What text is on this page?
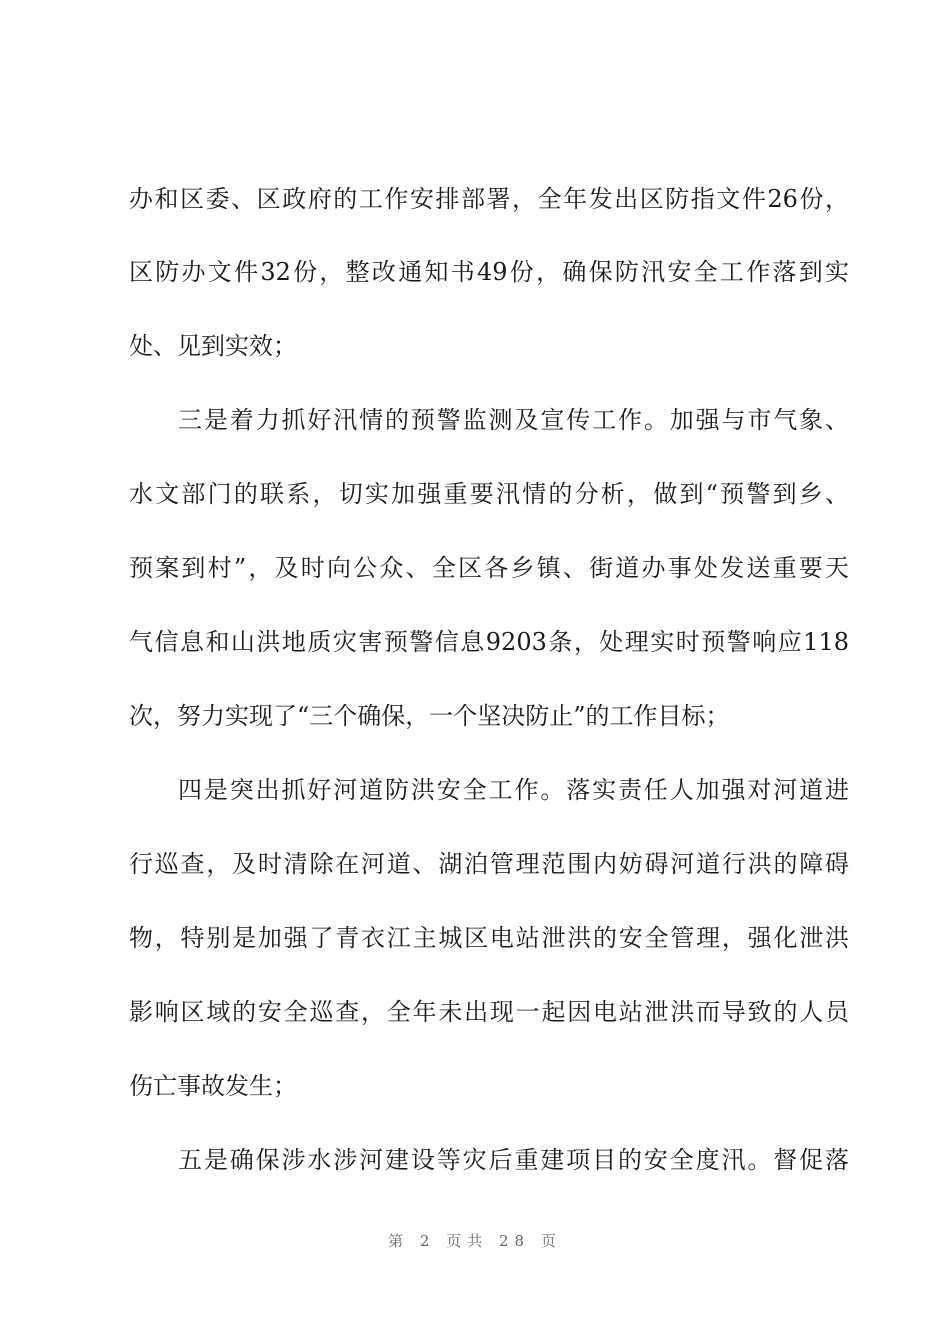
办和区委、区政府的工作安排部署，全年发出区防指文件26份，
区防办文件32份，整改通知书49份，确保防汛安全工作落到实
处、见到实效；
三是着力抓好汛情的预警监测及宣传工作。加强与市气象、
水文部门的联系，切实加强重要汛情的分析，做到“预警到乡、
预案到村”，及时向公众、全区各乡镇、街道办事处发送重要天
气信息和山洪地质灾害预警信息9203条，处理实时预警响应118
次，努力实现了“三个确保，一个坚决防止”的工作目标；
四是突出抓好河道防洪安全工作。落实责任人加强对河道进
行巡查，及时清除在河道、湖泊管理范围内妨碍河道行洪的障碍
物，特别是加强了青衣江主城区电站泄洪的安全管理，强化泄洪
影响区域的安全巡查，全年未出现一起因电站泄洪而导致的人员
伤亡事故发生；
五是确保涉水涉河建设等灾后重建项目的安全度汛。督促落
第 2 页共 28 页
